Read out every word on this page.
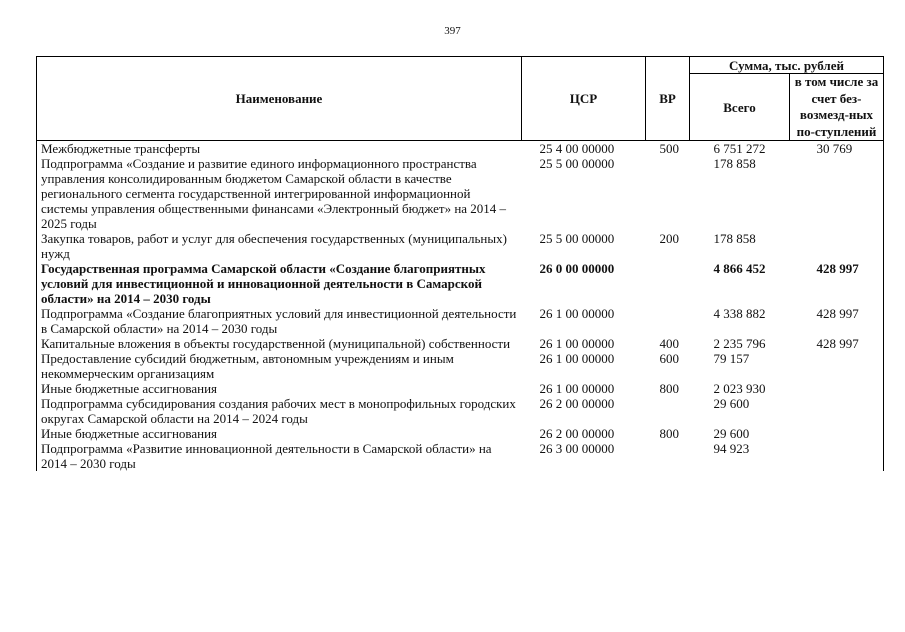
397
Наименование	ЦСР	ВР	Сумма, тыс. рублей	
			Всего	в том числе за счет без-возмезд-ных по-ступлений
Межбюджетные трансферты	25 4 00 00000	500	6 751 272	30 769
Подпрограмма «Создание и развитие единого информационного пространства управления консолидированным бюджетом Самарской области в качестве регионального сегмента государственной интегрированной информационной системы управления общественными финансами «Электронный бюджет» на 2014 – 2025 годы	25 5 00 00000		178 858	
Закупка товаров, работ и услуг для обеспечения государственных (муниципальных) нужд	25 5 00 00000	200	178 858	
Государственная программа Самарской области «Создание благоприятных условий для инвестиционной и инновационной деятельности в Самарской области» на 2014 – 2030 годы	26 0 00 00000		4 866 452	428 997
Подпрограмма «Создание благоприятных условий для инвестиционной деятельности в Самарской области» на 2014 – 2030 годы	26 1 00 00000		4 338 882	428 997
Капитальные вложения в объекты государственной (муниципальной) собственности	26 1 00 00000	400	2 235 796	428 997
Предоставление субсидий бюджетным, автономным учреждениям и иным некоммерческим организациям	26 1 00 00000	600	79 157	
Иные бюджетные ассигнования	26 1 00 00000	800	2 023 930	
Подпрограмма субсидирования создания рабочих мест в монопрофильных городских округах Самарской области на 2014 – 2024 годы	26 2 00 00000		29 600	
Иные бюджетные ассигнования	26 2 00 00000	800	29 600	
Подпрограмма «Развитие инновационной деятельности в Самарской области» на 2014 – 2030 годы	26 3 00 00000		94 923	
